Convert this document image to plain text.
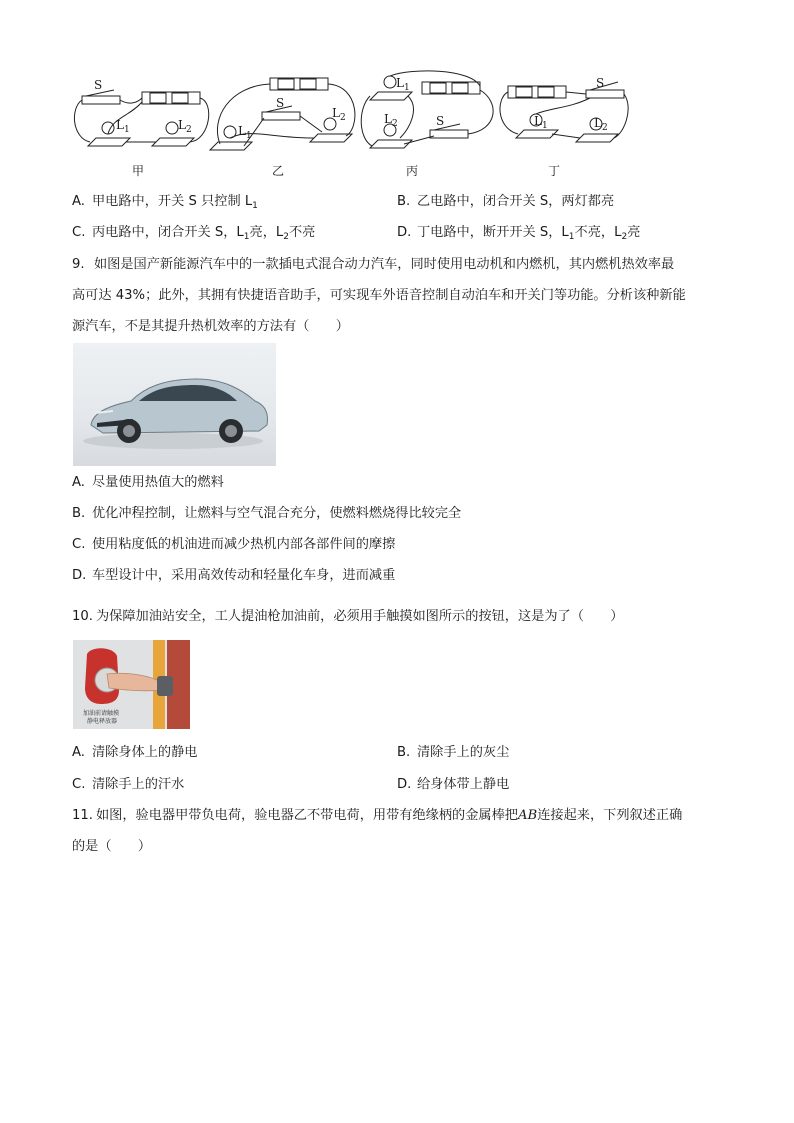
S
$L_1$	$L_2$
S
$L_1$
$L_2$
$L_1$
$L_2$	S
S
$L_1$	$L_2$
甲	乙	丙	丁
A. 甲电路中，开关 S 只控制 $L_1$	B. 乙电路中，闭合开关 S，两灯都亮
C. 丙电路中，闭合开关 S，$L_1$亮，$L_2$不亮	D. 丁电路中，断开开关 S，$L_1$不亮，$L_2$亮
9. 如图是国产新能源汽车中的一款插电式混合动力汽车，同时使用电动机和内燃机，其内燃机热效率最
高可达 43%；此外，其拥有快捷语音助手，可实现车外语音控制自动泊车和开关门等功能。分析该种新能
源汽车，不是其提升热机效率的方法有（　　）
A. 尽量使用热值大的燃料
B. 优化冲程控制，让燃料与空气混合充分，使燃料燃烧得比较完全
C. 使用粘度低的机油进而减少热机内部各部件间的摩擦
D. 车型设计中，采用高效传动和轻量化车身，进而减重
10. 为保障加油站安全，工人提油枪加油前，必须用手触摸如图所示的按钮，这是为了（　　）
加油前请触摸
静电释放器
A. 清除身体上的静电	B. 清除手上的灰尘
C. 清除手上的汗水	D. 给身体带上静电
11. 如图，验电器甲带负电荷，验电器乙不带电荷，用带有绝缘柄的金属棒把AB连接起来，下列叙述正确
的是（　　）
